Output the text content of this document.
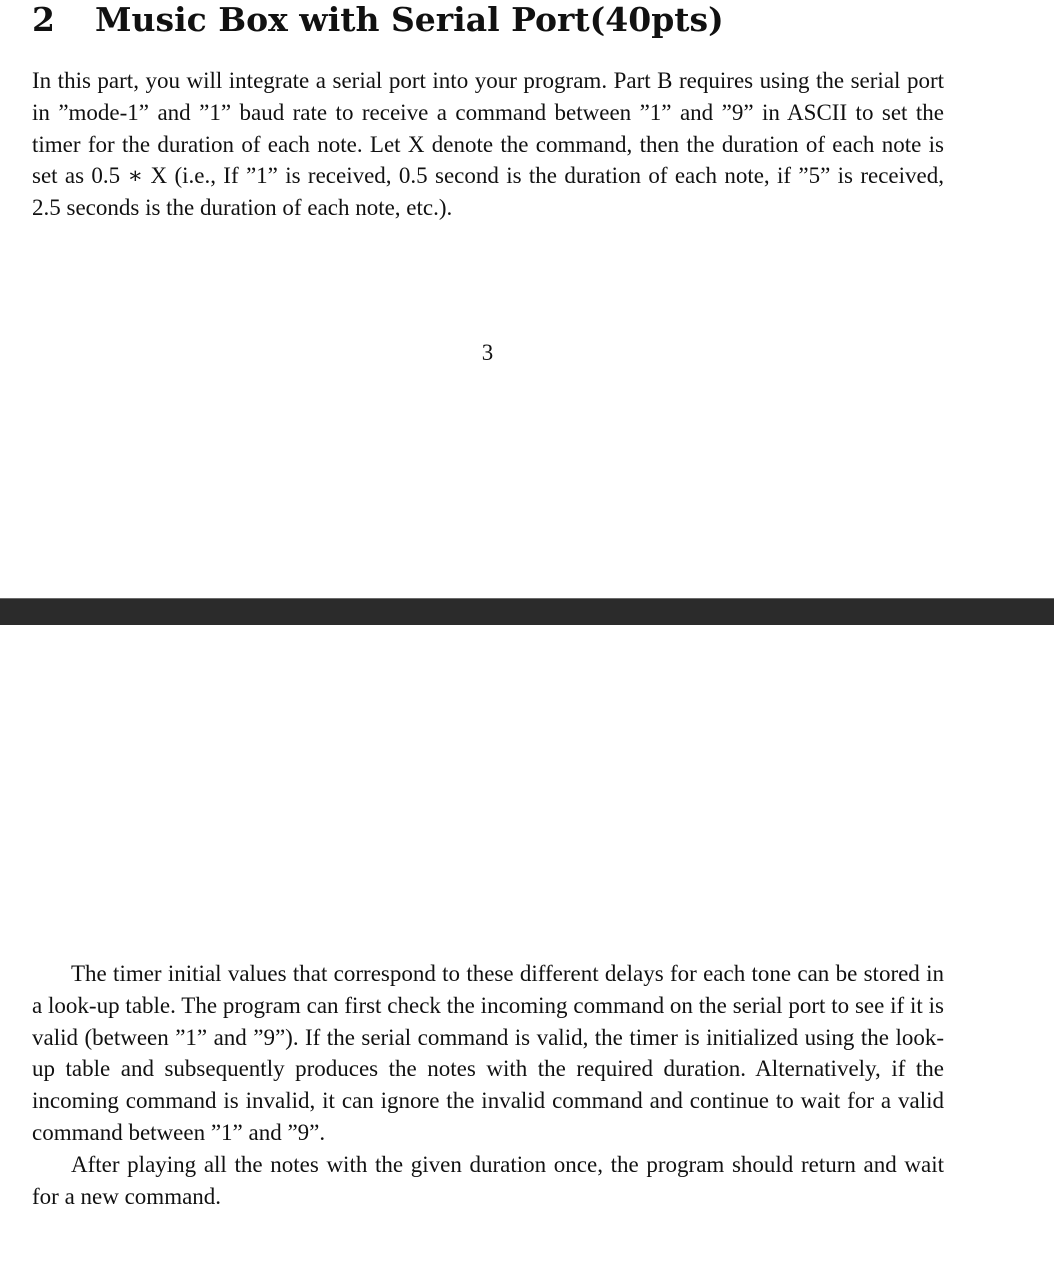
2 Music Box with Serial Port(40pts)

In this part, you will integrate a serial port into your program. Part B requires using the serial port in ”mode-1” and ”1” baud rate to receive a command between ”1” and ”9” in ASCII to set the timer for the duration of each note. Let X denote the command, then the duration of each note is set as 0.5 ∗ X (i.e., If ”1” is received, 0.5 second is the duration of each note, if ”5” is received, 2.5 seconds is the duration of each note, etc.).

3

The timer initial values that correspond to these different delays for each tone can be stored in a look-up table. The program can first check the incoming command on the serial port to see if it is valid (between ”1” and ”9”). If the serial command is valid, the timer is initialized using the look-up table and subsequently produces the notes with the required duration. Alternatively, if the incoming command is invalid, it can ignore the invalid command and continue to wait for a valid command between ”1” and ”9”.

After playing all the notes with the given duration once, the program should return and wait for a new command.
